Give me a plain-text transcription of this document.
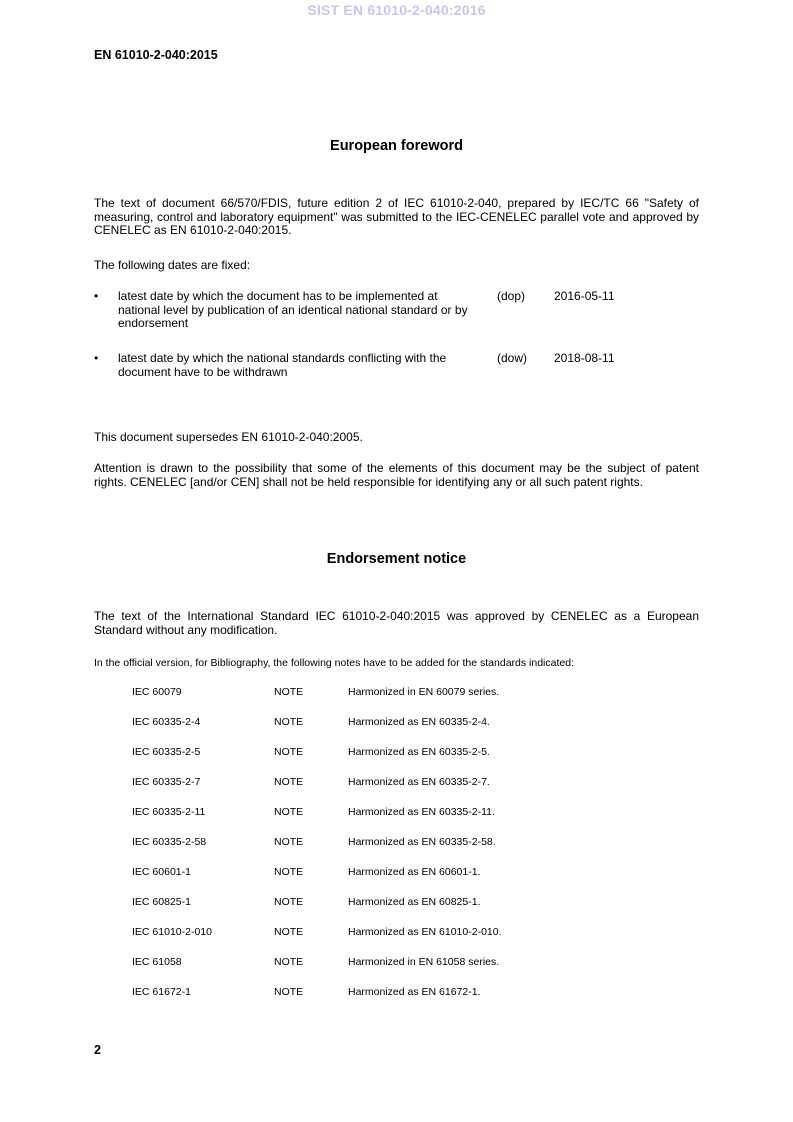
SIST EN 61010-2-040:2016
EN 61010-2-040:2015
European foreword
The text of document 66/570/FDIS, future edition 2 of IEC 61010-2-040, prepared by IEC/TC 66 "Safety of measuring, control and laboratory equipment" was submitted to the IEC-CENELEC parallel vote and approved by CENELEC as EN 61010-2-040:2015.
The following dates are fixed:
• latest date by which the document has to be implemented at national level by publication of an identical national standard or by endorsement
(dop) 2016-05-11
• latest date by which the national standards conflicting with the document have to be withdrawn
(dow) 2018-08-11
This document supersedes EN 61010-2-040:2005.
Attention is drawn to the possibility that some of the elements of this document may be the subject of patent rights. CENELEC [and/or CEN] shall not be held responsible for identifying any or all such patent rights.
Endorsement notice
The text of the International Standard IEC 61010-2-040:2015 was approved by CENELEC as a European Standard without any modification.
In the official version, for Bibliography, the following notes have to be added for the standards indicated:
IEC 60079	NOTE	Harmonized in EN 60079 series.
IEC 60335-2-4	NOTE	Harmonized as EN 60335-2-4.
IEC 60335-2-5	NOTE	Harmonized as EN 60335-2-5.
IEC 60335-2-7	NOTE	Harmonized as EN 60335-2-7.
IEC 60335-2-11	NOTE	Harmonized as EN 60335-2-11.
IEC 60335-2-58	NOTE	Harmonized as EN 60335-2-58.
IEC 60601-1	NOTE	Harmonized as EN 60601-1.
IEC 60825-1	NOTE	Harmonized as EN 60825-1.
IEC 61010-2-010	NOTE	Harmonized as EN 61010-2-010.
IEC 61058	NOTE	Harmonized in EN 61058 series.
IEC 61672-1	NOTE	Harmonized as EN 61672-1.
2
